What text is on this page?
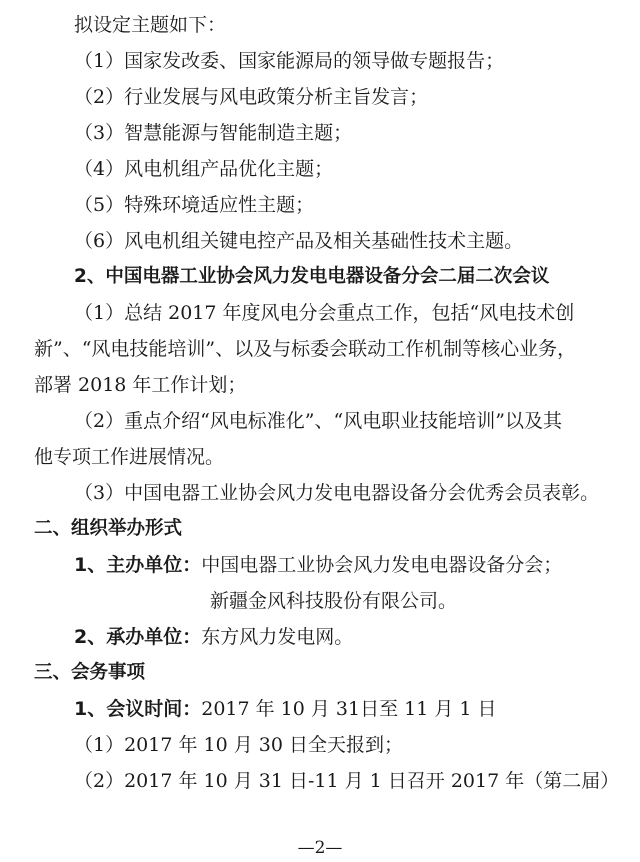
拟设定主题如下：
（1）国家发改委、国家能源局的领导做专题报告；
（2）行业发展与风电政策分析主旨发言；
（3）智慧能源与智能制造主题；
（4）风电机组产品优化主题；
（5）特殊环境适应性主题；
（6）风电机组关键电控产品及相关基础性技术主题。
2、中国电器工业协会风力发电电器设备分会二届二次会议
（1）总结 2017 年度风电分会重点工作，包括“风电技术创
新”、“风电技能培训”、以及与标委会联动工作机制等核心业务，
部署 2018 年工作计划；
（2）重点介绍“风电标准化”、“风电职业技能培训”以及其
他专项工作进展情况。
（3）中国电器工业协会风力发电电器设备分会优秀会员表彰。
二、组织举办形式
1、主办单位：中国电器工业协会风力发电电器设备分会；
新疆金风科技股份有限公司。
2、承办单位：东方风力发电网。
三、会务事项
1、会议时间：2017 年 10 月 31日至 11 月 1 日
（1）2017 年 10 月 30 日全天报到；
（2）2017 年 10 月 31 日-11 月 1 日召开 2017 年（第二届）
—2—
